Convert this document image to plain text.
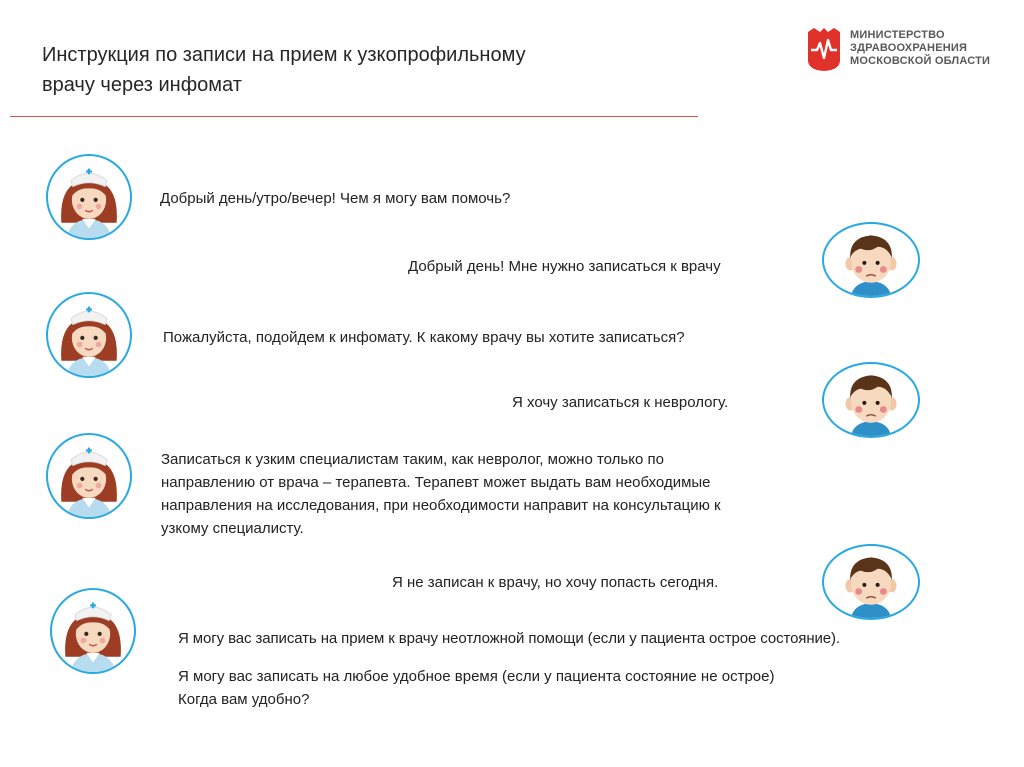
Инструкция по записи на прием к узкопрофильному
врачу через инфомат
МИНИСТЕРСТВО
ЗДРАВООХРАНЕНИЯ
МОСКОВСКОЙ ОБЛАСТИ

Добрый день/утро/вечер! Чем я могу вам помочь?

Добрый день! Мне нужно записаться к врачу

Пожалуйста, подойдем к инфомату. К какому врачу вы хотите записаться?

Я хочу записаться к неврологу.

Записаться к узким специалистам таким, как невролог, можно только по
направлению от врача – терапевта. Терапевт может выдать вам необходимые
направления на исследования, при необходимости направит на консультацию к
узкому специалисту.

Я не записан к врачу, но хочу попасть сегодня.

Я могу вас записать на прием к врачу неотложной помощи (если у пациента острое состояние).

Я могу вас записать на любое удобное время (если у пациента состояние не острое)
Когда вам удобно?
